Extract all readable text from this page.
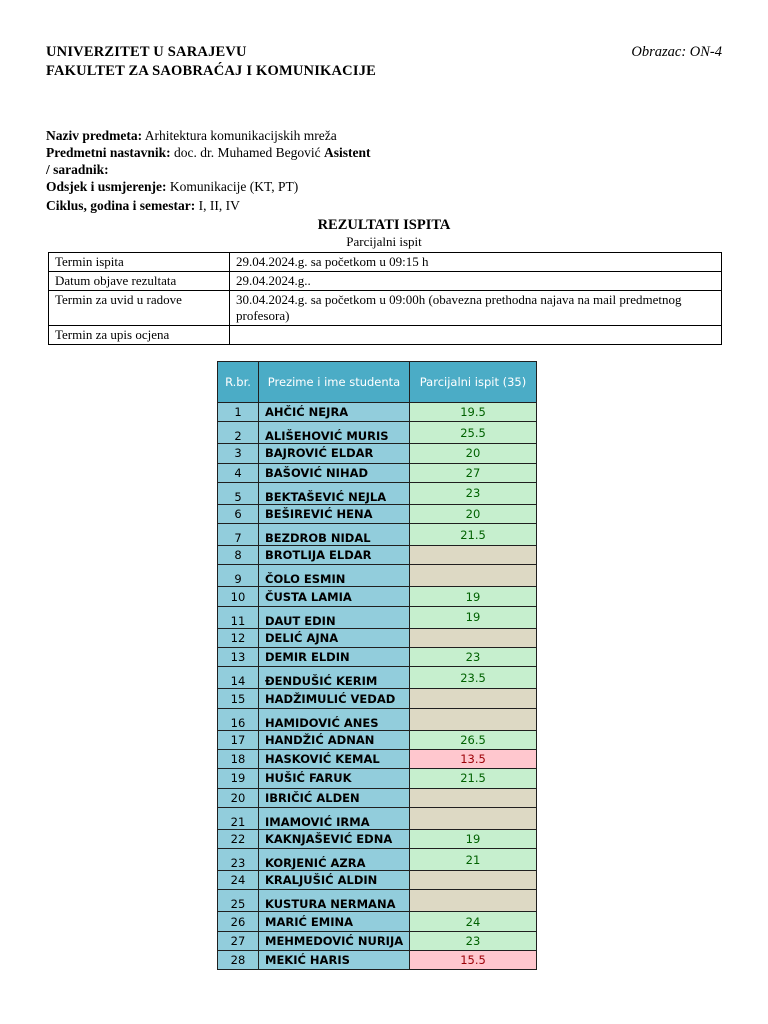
UNIVERZITET U SARAJEVU
FAKULTET ZA SAOBRAĆAJ I KOMUNIKACIJE
Obrazac: ON-4
Naziv predmeta: Arhitektura komunikacijskih mreža
Predmetni nastavnik: doc. dr. Muhamed Begović Asistent
/ saradnik:
Odsjek i usmjerenje: Komunikacije (KT, PT)
Ciklus, godina i semestar: I, II, IV
REZULTATI ISPITA
Parcijalni ispit
Termin ispita	29.04.2024.g. sa početkom u 09:15 h
Datum objave rezultata	29.04.2024.g..
Termin za uvid u radove	30.04.2024.g. sa početkom u 09:00h (obavezna prethodna najava na mail predmetnog profesora)
Termin za upis ocjena	
R.br.	Prezime i ime studenta	Parcijalni ispit (35)
1	AHČIĆ NEJRA	19.5
2	ALIŠEHOVIĆ MURIS	25.5
3	BAJROVIĆ ELDAR	20
4	BAŠOVIĆ NIHAD	27
5	BEKTAŠEVIĆ NEJLA	23
6	BEŠIREVIĆ HENA	20
7	BEZDROB NIDAL	21.5
8	BROTLIJA ELDAR	
9	ČOLO ESMIN	
10	ČUSTA LAMIA	19
11	DAUT EDIN	19
12	DELIĆ AJNA	
13	DEMIR ELDIN	23
14	ĐENDUŠIĆ KERIM	23.5
15	HADŽIMULIĆ VEDAD	
16	HAMIDOVIĆ ANES	
17	HANDŽIĆ ADNAN	26.5
18	HASKOVIĆ KEMAL	13.5
19	HUŠIĆ FARUK	21.5
20	IBRIČIĆ ALDEN	
21	IMAMOVIĆ IRMA	
22	KAKNJAŠEVIĆ EDNA	19
23	KORJENIĆ AZRA	21
24	KRALJUŠIĆ ALDIN	
25	KUSTURA NERMANA	
26	MARIĆ EMINA	24
27	MEHMEDOVIĆ NURIJA	23
28	MEKIĆ HARIS	15.5
